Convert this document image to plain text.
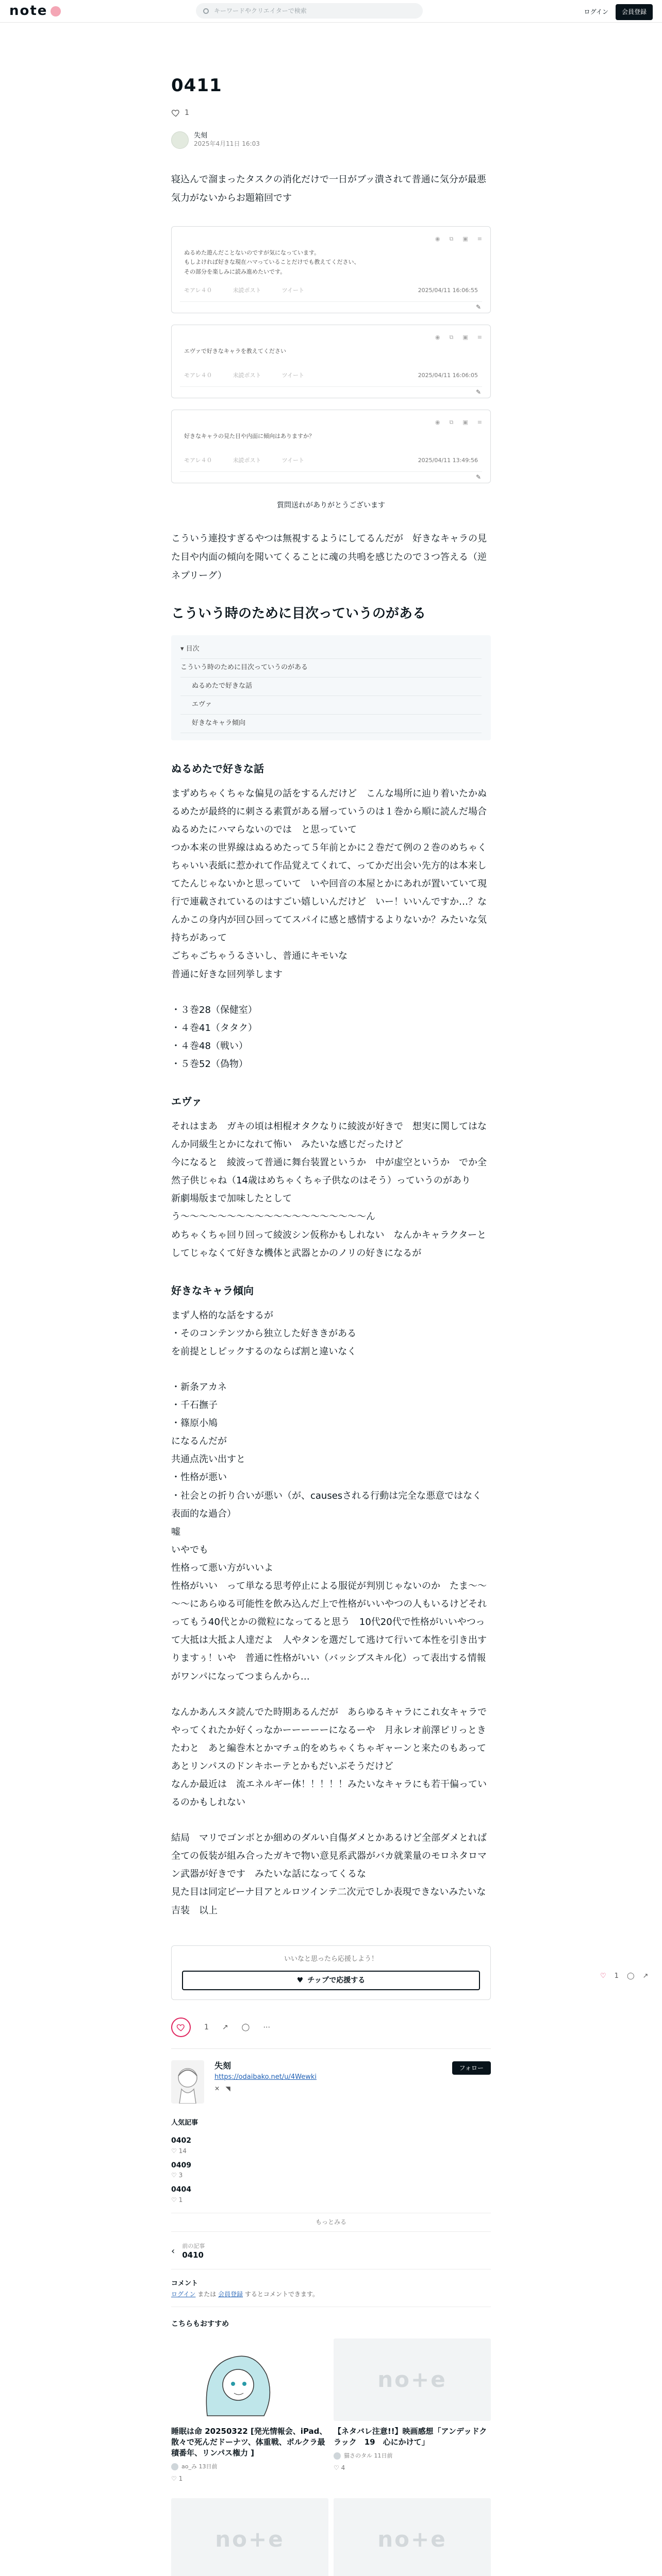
note	キーワードやクリエイターで検索	ログイン	会員登録
0411
1
失刻
2025年4月11日 16:03

寝込んで溜まったタスクの消化だけで一日がブッ潰されて普通に気分が最悪気力がないからお題箱回です

◉ ⧉ ▣ ≡
ぬるめた遊んだことないのですが気になっています。
もしよければ好きな現在ハマっていることだけでも教えてください、
その部分を楽しみに読み進めたいです。
モアレ４０	未読ポスト	ツイート	2025/04/11 16:06:55
✎
◉ ⧉ ▣ ≡
エヴァで好きなキャラを教えてください
モアレ４０	未読ポスト	ツイート	2025/04/11 16:06:05
✎
◉ ⧉ ▣ ≡
好きなキャラの見た目や内面に傾向はありますか？
モアレ４０	未読ポスト	ツイート	2025/04/11 13:49:56
✎
質問送れがありがとうございます

こういう連投すぎるやつは無視するようにしてるんだが　好きなキャラの見た目や内面の傾向を聞いてくることに魂の共鳴を感じたので３つ答える（逆ネプリーグ）

こういう時のために目次っていうのがある
▾ 目次
こういう時のために目次っていうのがある
ぬるめたで好きな話
エヴァ
好きなキャラ傾向
ぬるめたで好きな話
まずめちゃくちゃな偏見の話をするんだけど　こんな場所に辿り着いたかぬるめたが最終的に刺さる素質がある層っていうのは１巻から順に読んだ場合ぬるめたにハマらないのでは　と思っていて
つか本来の世界線はぬるめたって５年前とかに２巻だて例の２巻のめちゃくちゃいい表紙に惹かれて作品覚えてくれて、ってかだ出会い先方的は本来してたんじゃないかと思っていて　いや回音の本屋とかにあれが置いていて現行で連載されているのはすごい嬉しいんだけど　いー！いいんですか…？なんかこの身内が回ひ回っててスパイに感と感情するよりないか？みたいな気持ちがあって
ごちゃごちゃうるさいし、普通にキモいな
普通に好きな回列挙します
・３巻28（保健室）
・４巻41（タタク）
・４巻48（戦い）
・５巻52（偽物）
エヴァ
それはまあ　ガキの頃は相棍オタクなりに綾波が好きで　想実に関してはなんか同級生とかになれて怖い　みたいな感じだったけど
今になると　綾波って普通に舞台装置というか　中が虚空というか　でか全然子供じゃね（14歳はめちゃくちゃ子供なのはそう）っていうのがあり
新劇場版まで加味したとして
う～～～～～～～～～～～～～～～～～～～～ん
めちゃくちゃ回り回って綾波シン仮称かもしれない　なんかキャラクターとしてじゃなくて好きな機体と武器とかのノリの好きになるが
好きなキャラ傾向
まず人格的な話をするが
・そのコンテンツから独立した好ききがある
を前提としピックするのならば割と違いなく
・新条アカネ
・千石撫子
・篠原小鳩
になるんだが
共通点洗い出すと
・性格が悪い
・社会との折り合いが悪い（が、causesされる行動は完全な悪意ではなく表面的な過合）
嘘
いやでも
性格って悪い方がいいよ
性格がいい　って単なる思考停止による服従が判別じゃないのか　たま～～～～にあらゆる可能性を飲み込んだ上で性格がいいやつの人もいるけどそれってもう40代とかの微粒になってると思う　10代20代で性格がいいやつって大抵は大抵よ人達だよ　人やタンを選だして逃けて行いて本性を引き出すりますぅ！いや　普通に性格がいい（バッシブスキル化）って表出する情報がワンパになってつまらんから…
なんかあんスタ読んでた時期あるんだが　あらゆるキャラにこれ女キャラでやってくれたか好くっなかーーーーーになるーや　月永レオ前澤ピリっときたわと　あと編巻木とかマチュ的をめちゃくちゃギャーンと来たのもあって　あとリンパスのドンキホーテとかもだいぶそうだけど
なんか最近は　流エネルギー体！！！！！みたいなキャラにも若干偏っているのかもしれない
結局　マリでゴンボとか細めのダルい自傷ダメとかあるけど全部ダメとれば全ての仮装が組み合ったガキで物い意見系武器がバカ就業量のモロネタロマン武器が好きです　みたいな話になってくるな
見た目は同定ピーナ目アとルロツインテ二次元でしか表現できないみたいな吉装　以上
いいなと思ったら応援しよう！
♥ チップで応援する
1 ↗ ◯ ⋯
失刻
https://odaibako.net/u/4Wewki
✕ ◥
フォロー
人気記事
0402
♡ 14
0409
♡ 3
0404
♡ 1
もっとみる
‹ 前の記事
0410
コメント
ログイン または 会員登録 するとコメントできます。
こちらもおすすめ
睡眠は命 20250322 [発光情報会、iPad、散々で死んだドーナツ、体重戦、ポルクラ最積番年、リンパス権力 ]
ao_み 13日前
♡ 1
no+e
【ネタバレ注意!!】映画感想「アンデッドクラック　19　心にかけて」
猫さのタル 11日前
♡ 4
no+e	no+e
♡ 1 ◯ ↗
